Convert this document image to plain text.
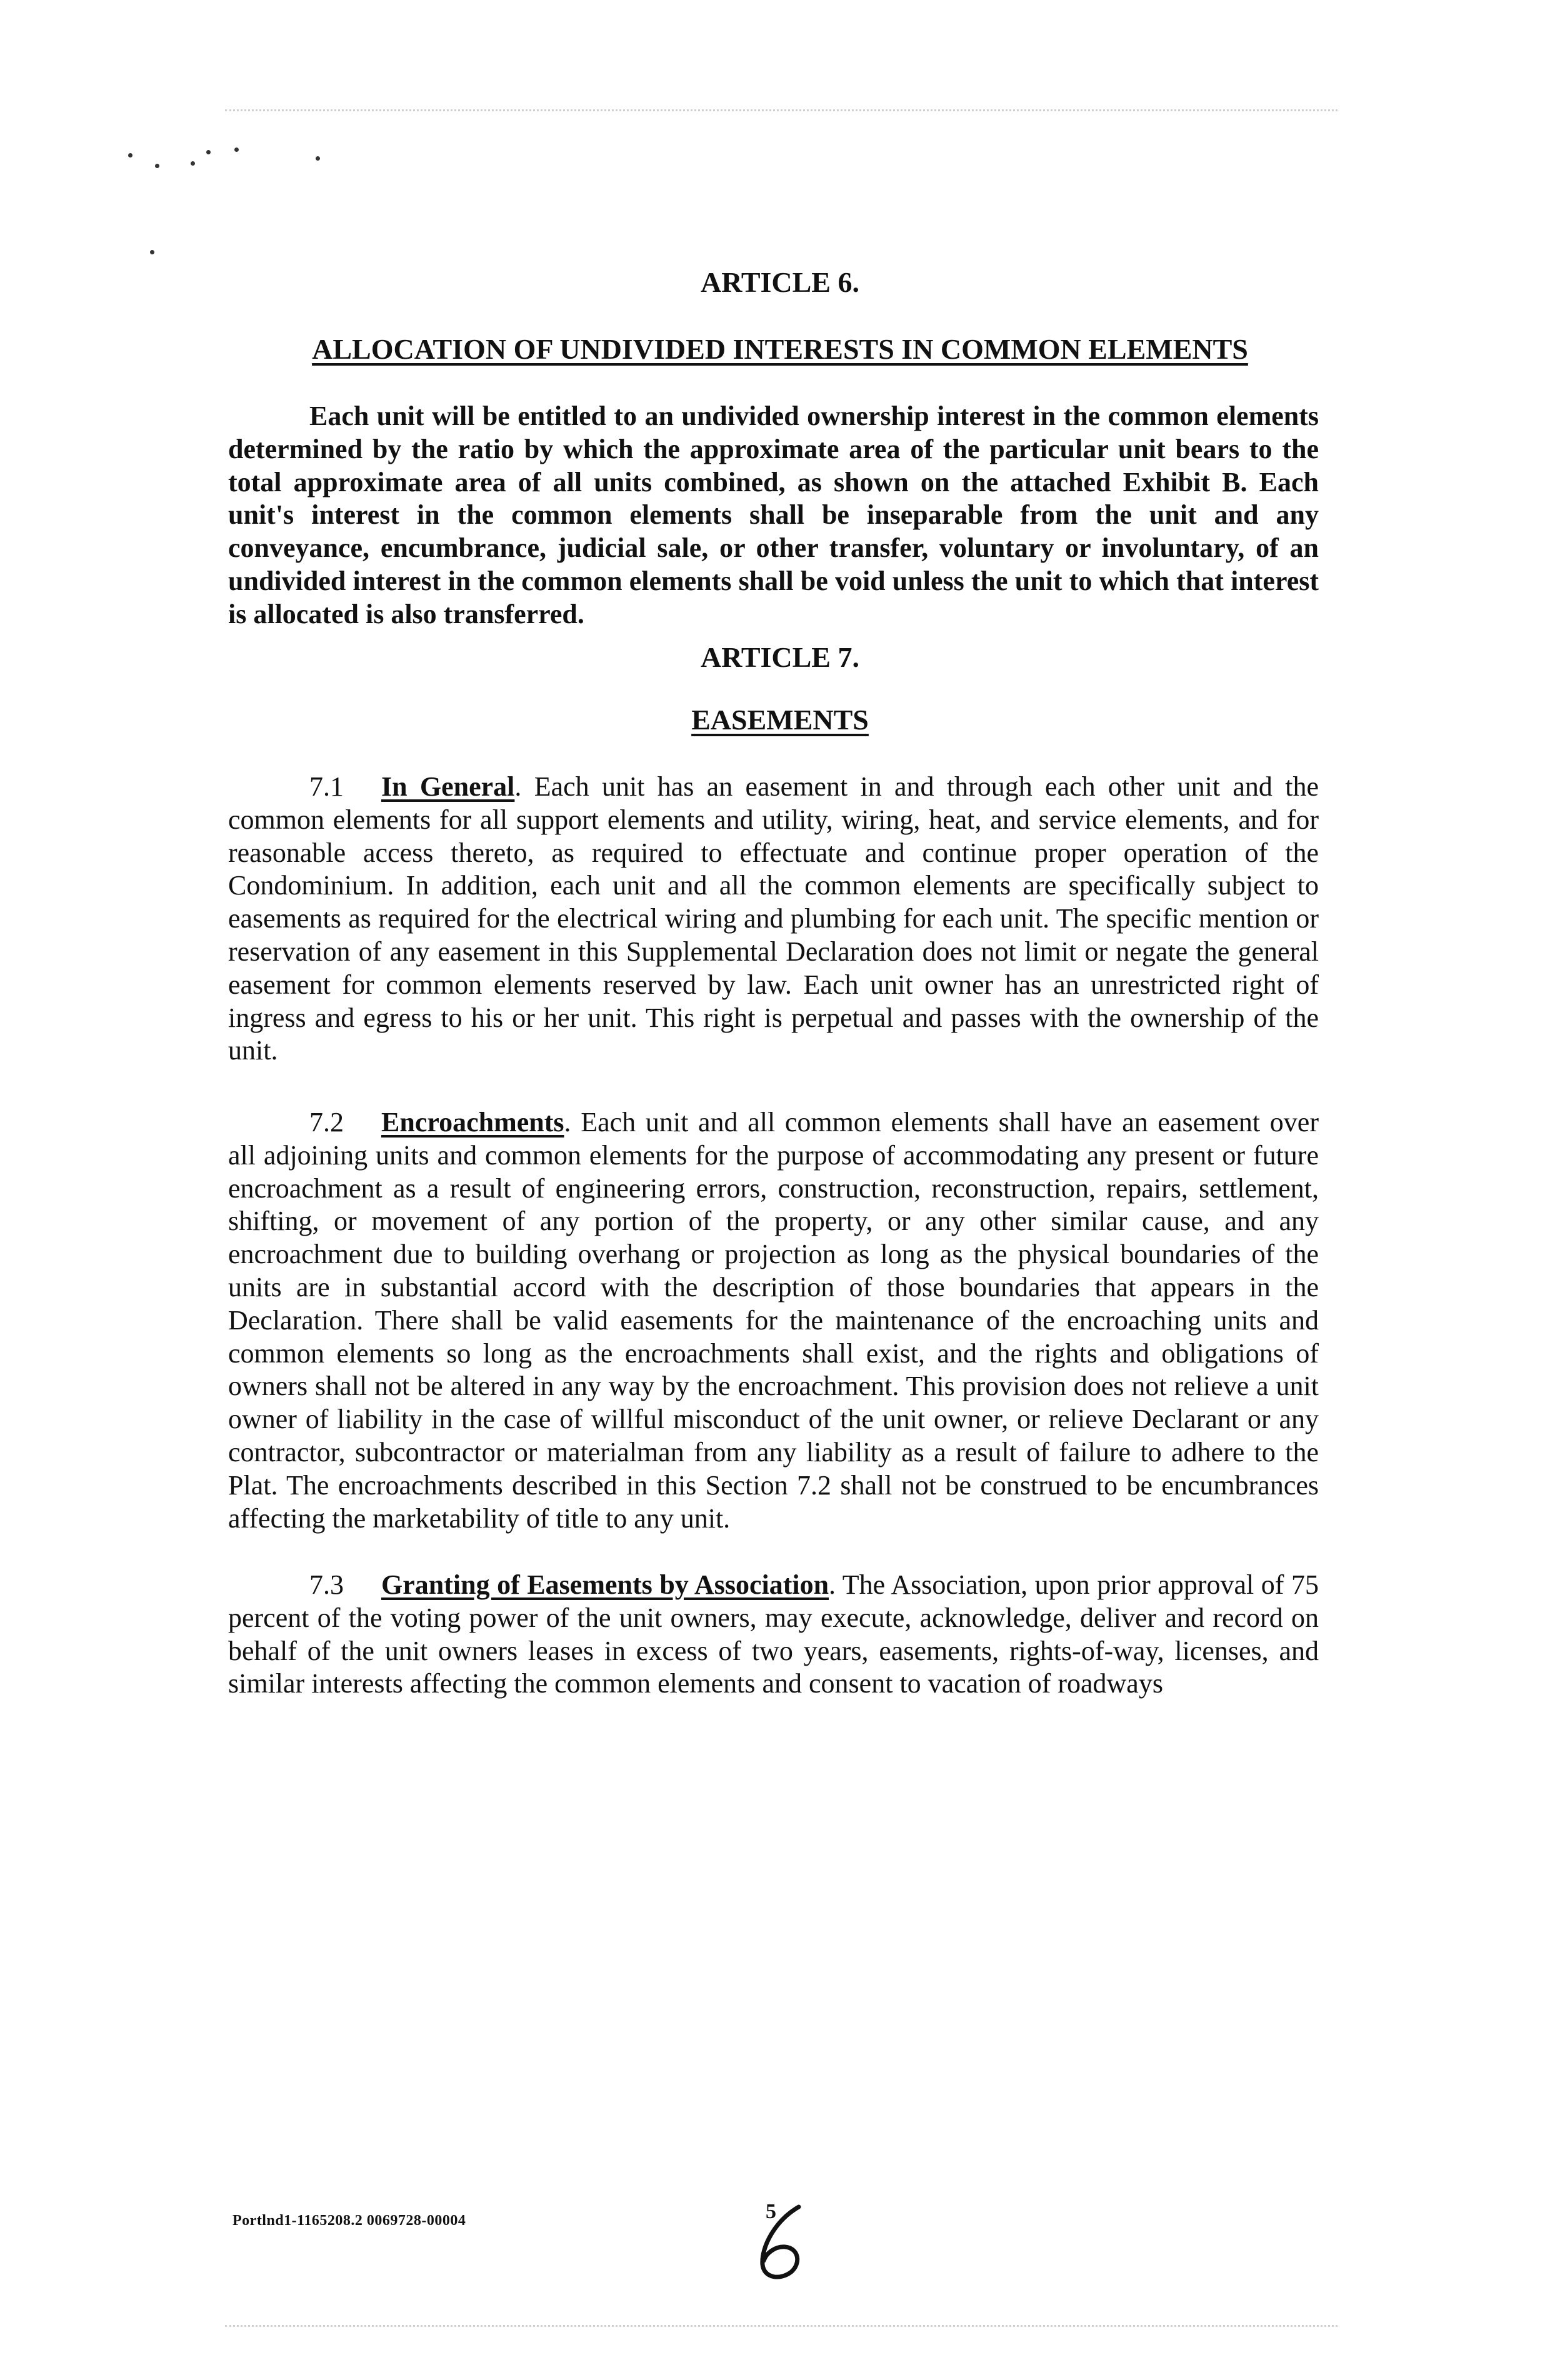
ARTICLE 6.
ALLOCATION OF UNDIVIDED INTERESTS IN COMMON ELEMENTS
Each unit will be entitled to an undivided ownership interest in the common elements determined by the ratio by which the approximate area of the particular unit bears to the total approximate area of all units combined, as shown on the attached Exhibit B. Each unit's interest in the common elements shall be inseparable from the unit and any conveyance, encumbrance, judicial sale, or other transfer, voluntary or involuntary, of an undivided interest in the common elements shall be void unless the unit to which that interest is allocated is also transferred.
ARTICLE 7.
EASEMENTS
7.1 In General. Each unit has an easement in and through each other unit and the common elements for all support elements and utility, wiring, heat, and service elements, and for reasonable access thereto, as required to effectuate and continue proper operation of the Condominium. In addition, each unit and all the common elements are specifically subject to easements as required for the electrical wiring and plumbing for each unit. The specific mention or reservation of any easement in this Supplemental Declaration does not limit or negate the general easement for common elements reserved by law. Each unit owner has an unrestricted right of ingress and egress to his or her unit. This right is perpetual and passes with the ownership of the unit.
7.2 Encroachments. Each unit and all common elements shall have an easement over all adjoining units and common elements for the purpose of accommodating any present or future encroachment as a result of engineering errors, construction, reconstruction, repairs, settlement, shifting, or movement of any portion of the property, or any other similar cause, and any encroachment due to building overhang or projection as long as the physical boundaries of the units are in substantial accord with the description of those boundaries that appears in the Declaration. There shall be valid easements for the maintenance of the encroaching units and common elements so long as the encroachments shall exist, and the rights and obligations of owners shall not be altered in any way by the encroachment. This provision does not relieve a unit owner of liability in the case of willful misconduct of the unit owner, or relieve Declarant or any contractor, subcontractor or materialman from any liability as a result of failure to adhere to the Plat. The encroachments described in this Section 7.2 shall not be construed to be encumbrances affecting the marketability of title to any unit.
7.3 Granting of Easements by Association. The Association, upon prior approval of 75 percent of the voting power of the unit owners, may execute, acknowledge, deliver and record on behalf of the unit owners leases in excess of two years, easements, rights-of-way, licenses, and similar interests affecting the common elements and consent to vacation of roadways
Portlnd1-1165208.2 0069728-00004	5
